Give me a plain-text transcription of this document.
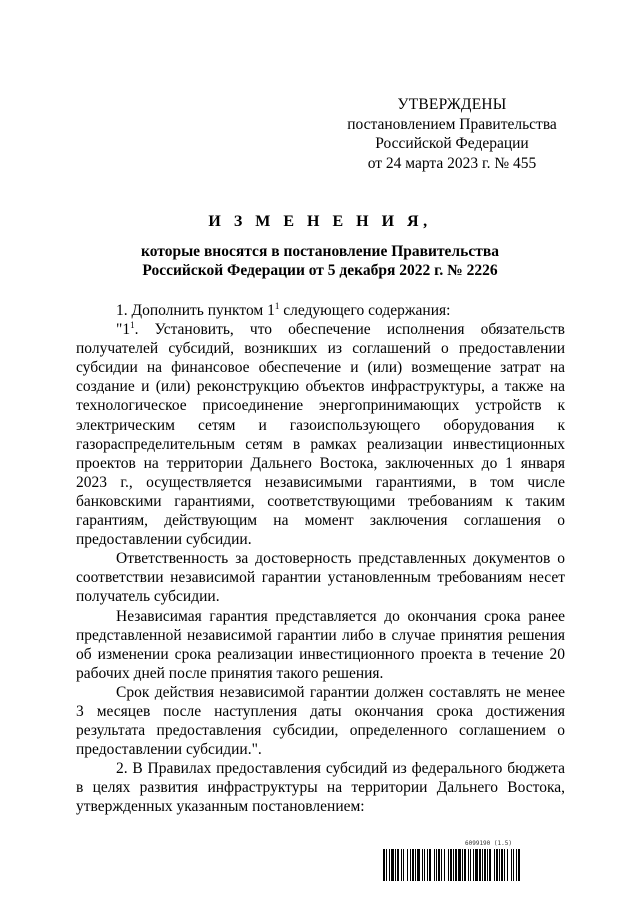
УТВЕРЖДЕНЫ
постановлением Правительства
Российской Федерации
от 24 марта 2023 г. № 455
И З М Е Н Е Н И Я,
которые вносятся в постановление Правительства
Российской Федерации от 5 декабря 2022 г. № 2226

1. Дополнить пунктом $1^1$ следующего содержания:

"$1^1$. Установить, что обеспечение исполнения обязательств получателей субсидий, возникших из соглашений о предоставлении субсидии на финансовое обеспечение и (или) возмещение затрат на создание и (или) реконструкцию объектов инфраструктуры, а также на технологическое присоединение энергопринимающих устройств к электрическим сетям и газоиспользующего оборудования к газораспределительным сетям в рамках реализации инвестиционных проектов на территории Дальнего Востока, заключенных до 1 января 2023 г., осуществляется независимыми гарантиями, в том числе банковскими гарантиями, соответствующими требованиям к таким гарантиям, действующим на момент заключения соглашения о предоставлении субсидии.

Ответственность за достоверность представленных документов о соответствии независимой гарантии установленным требованиям несет получатель субсидии.

Независимая гарантия представляется до окончания срока ранее представленной независимой гарантии либо в случае принятия решения об изменении срока реализации инвестиционного проекта в течение 20 рабочих дней после принятия такого решения.

Срок действия независимой гарантии должен составлять не менее 3 месяцев после наступления даты окончания срока достижения результата предоставления субсидии, определенного соглашением о предоставлении субсидии.".

2. В Правилах предоставления субсидий из федерального бюджета в целях развития инфраструктуры на территории Дальнего Востока, утвержденных указанным постановлением:

6099190 (1.5)
